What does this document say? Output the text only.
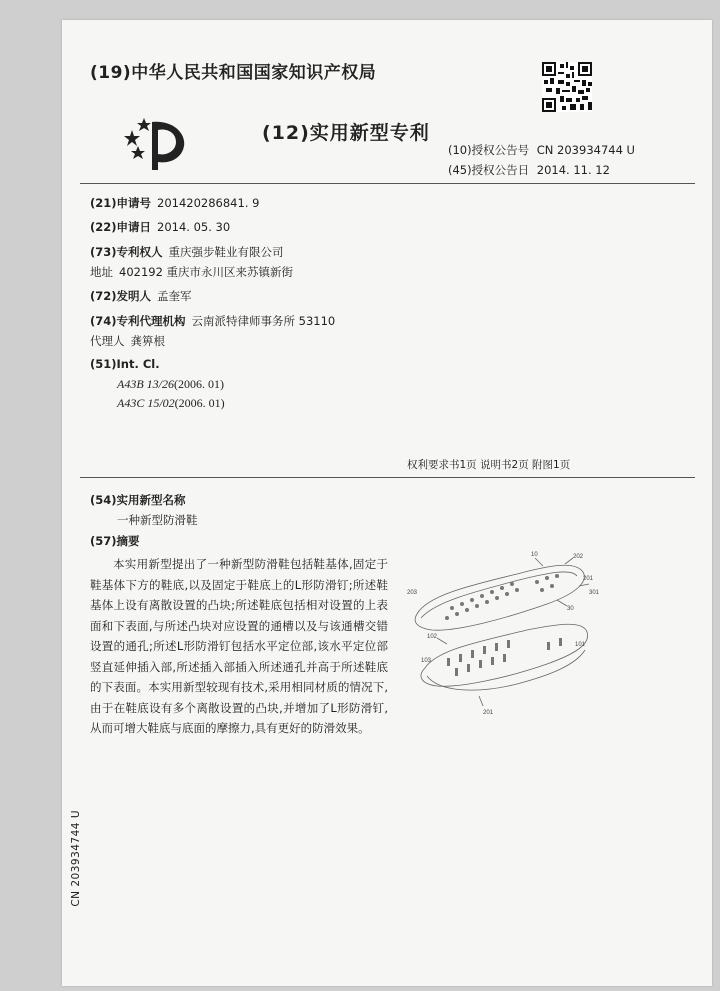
(19)中华人民共和国国家知识产权局
(12)实用新型专利
(10)授权公告号 CN 203934744 U
(45)授权公告日 2014. 11. 12
(21)申请号 201420286841. 9
(22)申请日 2014. 05. 30
(73)专利权人 重庆强步鞋业有限公司
地址 402192 重庆市永川区来苏镇新街
(72)发明人 孟奎军
(74)专利代理机构 云南派特律师事务所 53110
代理人 龚箅根
(51)Int. Cl.
A43B 13/26(2006. 01)
A43C 15/02(2006. 01)
权利要求书1页 说明书2页 附图1页
(54)实用新型名称
一种新型防滑鞋
(57)摘要
本实用新型提出了一种新型防滑鞋包括鞋基体,固定于鞋基体下方的鞋底,以及固定于鞋底上的L形防滑钉;所述鞋基体上设有离散设置的凸块;所述鞋底包括相对设置的上表面和下表面,与所述凸块对应设置的通槽以及与该通槽交错设置的通孔;所述L形防滑钉包括水平定位部,该水平定位部竖直延伸插入部,所述插入部插入所述通孔并高于所述鞋底的下表面。本实用新型较现有技术,采用相同材质的情况下,由于在鞋底设有多个离散设置的凸块,并增加了L形防滑钉,从而可增大鞋底与底面的摩擦力,具有更好的防滑效果。
10	202
201
203	301
30
102
101
103
201
CN 203934744 U
